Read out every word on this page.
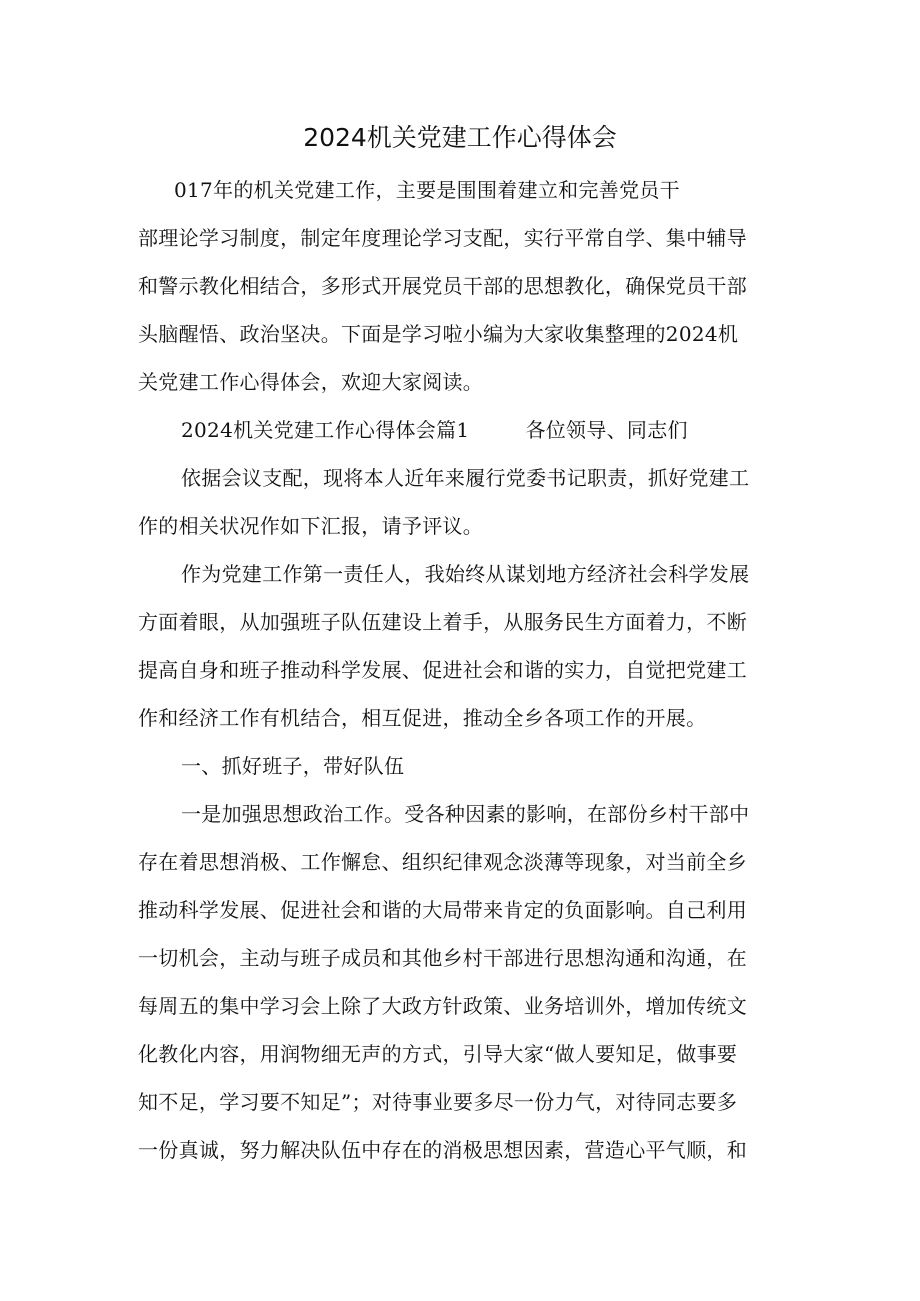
2024机关党建工作心得体会
017年的机关党建工作，主要是围围着建立和完善党员干
部理论学习制度，制定年度理论学习支配，实行平常自学、集中辅导
和警示教化相结合，多形式开展党员干部的思想教化，确保党员干部
头脑醒悟、政治坚决。下面是学习啦小编为大家收集整理的2024机
关党建工作心得体会，欢迎大家阅读。
2024机关党建工作心得体会篇1	各位领导、同志们
依据会议支配，现将本人近年来履行党委书记职责，抓好党建工
作的相关状况作如下汇报，请予评议。
作为党建工作第一责任人，我始终从谋划地方经济社会科学发展
方面着眼，从加强班子队伍建设上着手，从服务民生方面着力，不断
提高自身和班子推动科学发展、促进社会和谐的实力，自觉把党建工
作和经济工作有机结合，相互促进，推动全乡各项工作的开展。
一、抓好班子，带好队伍
一是加强思想政治工作。受各种因素的影响，在部份乡村干部中
存在着思想消极、工作懈怠、组织纪律观念淡薄等现象，对当前全乡
推动科学发展、促进社会和谐的大局带来肯定的负面影响。自己利用
一切机会，主动与班子成员和其他乡村干部进行思想沟通和沟通，在
每周五的集中学习会上除了大政方针政策、业务培训外，增加传统文
化教化内容，用润物细无声的方式，引导大家“做人要知足，做事要
知不足，学习要不知足”；对待事业要多尽一份力气，对待同志要多
一份真诚，努力解决队伍中存在的消极思想因素，营造心平气顺，和
